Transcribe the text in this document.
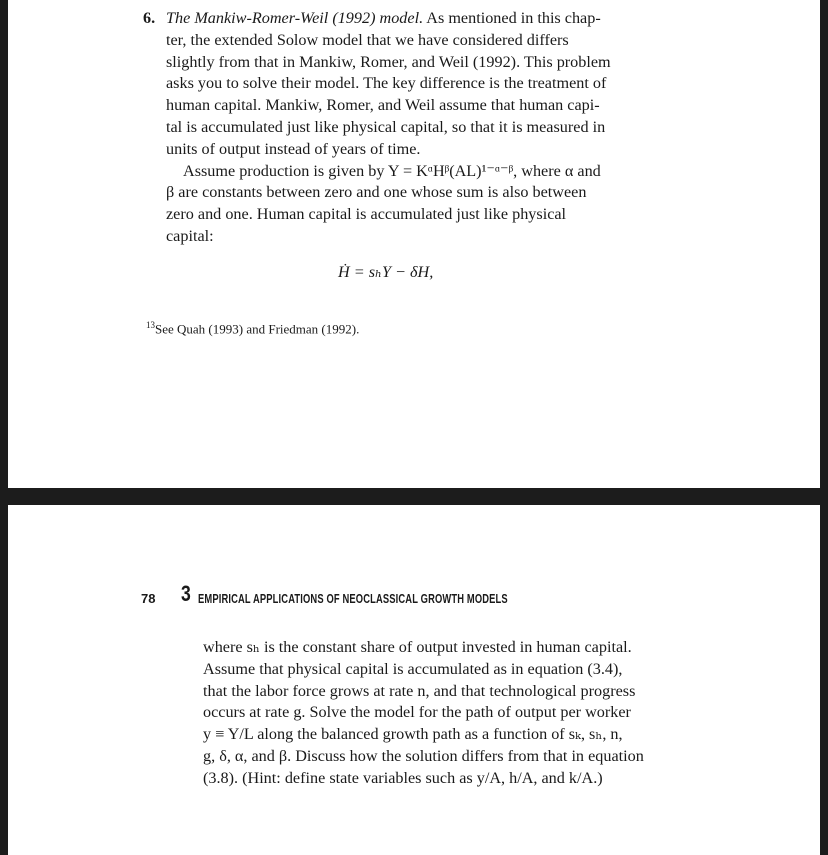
6. The Mankiw-Romer-Weil (1992) model. As mentioned in this chap-
ter, the extended Solow model that we have considered differs
slightly from that in Mankiw, Romer, and Weil (1992). This problem
asks you to solve their model. The key difference is the treatment of
human capital. Mankiw, Romer, and Weil assume that human capi-
tal is accumulated just like physical capital, so that it is measured in
units of output instead of years of time.

Assume production is given by Y = KᵅHᵝ(AL)¹⁻ᵅ⁻ᵝ, where α and
β are constants between zero and one whose sum is also between
zero and one. Human capital is accumulated just like physical
capital:

Ḣ = sₕY − δH,
$^{13}$See Quah (1993) and Friedman (1992).
78 3 EMPIRICAL APPLICATIONS OF NEOCLASSICAL GROWTH MODELS

where sₕ is the constant share of output invested in human capital.
Assume that physical capital is accumulated as in equation (3.4),
that the labor force grows at rate n, and that technological progress
occurs at rate g. Solve the model for the path of output per worker
y ≡ Y/L along the balanced growth path as a function of sₖ, sₕ, n,
g, δ, α, and β. Discuss how the solution differs from that in equation
(3.8). (Hint: define state variables such as y/A, h/A, and k/A.)
